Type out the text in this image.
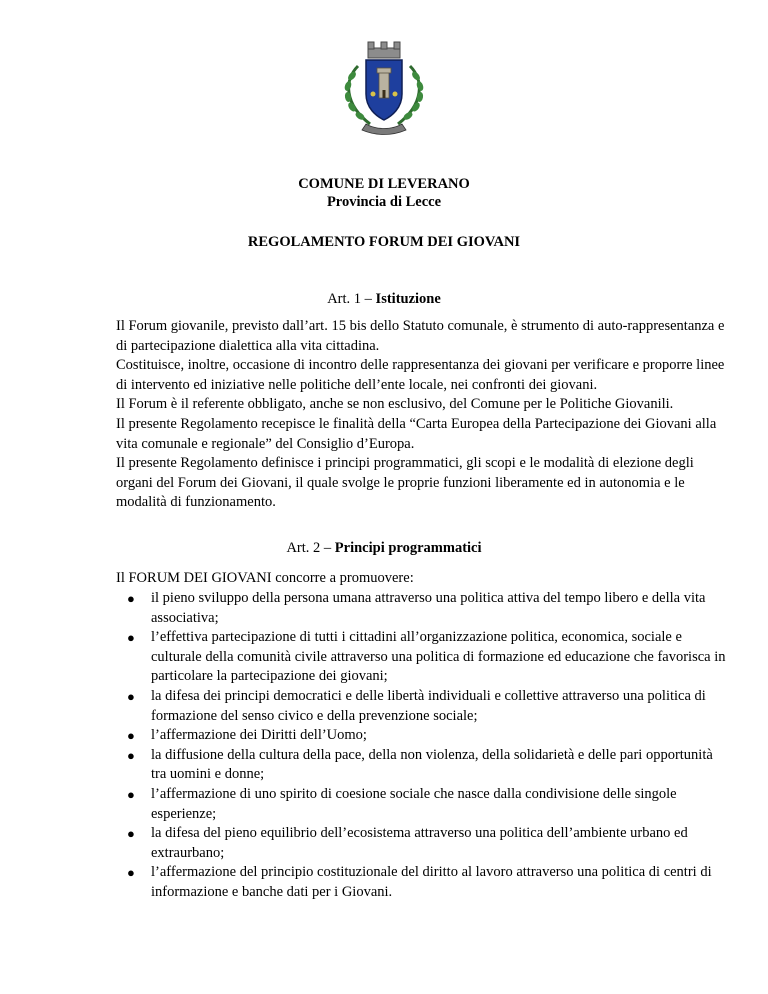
COMUNE DI LEVERANO
Provincia di Lecce
REGOLAMENTO FORUM DEI GIOVANI
Art. 1 – Istituzione

Il Forum giovanile, previsto dall’art. 15 bis dello Statuto comunale, è strumento di auto-rappresentanza e di partecipazione dialettica alla vita cittadina.

Costituisce, inoltre, occasione di incontro delle rappresentanza dei giovani per verificare e proporre linee di intervento ed iniziative nelle politiche dell’ente locale, nei confronti dei giovani.

Il Forum è il referente obbligato, anche se non esclusivo, del Comune per le Politiche Giovanili.

Il presente Regolamento recepisce le finalità della “Carta Europea della Partecipazione dei Giovani alla vita comunale e regionale” del Consiglio d’Europa.

Il presente Regolamento definisce i principi programmatici, gli scopi e le modalità di elezione degli organi del Forum dei Giovani, il quale svolge le proprie funzioni liberamente ed in autonomia e le modalità di funzionamento.

Art. 2 – Principi programmatici

Il FORUM DEI GIOVANI concorre a promuovere:

● il pieno sviluppo della persona umana attraverso una politica attiva del tempo libero e della vita associativa;
● l’effettiva partecipazione di tutti i cittadini all’organizzazione politica, economica, sociale e culturale della comunità civile attraverso una politica di formazione ed educazione che favorisca in particolare la partecipazione dei giovani;
● la difesa dei principi democratici e delle libertà individuali e collettive attraverso una politica di formazione del senso civico e della prevenzione sociale;
● l’affermazione dei Diritti dell’Uomo;
● la diffusione della cultura della pace, della non violenza, della solidarietà e delle pari opportunità tra uomini e donne;
● l’affermazione di uno spirito di coesione sociale che nasce dalla condivisione delle singole esperienze;
● la difesa del pieno equilibrio dell’ecosistema attraverso una politica dell’ambiente urbano ed extraurbano;
● l’affermazione del principio costituzionale del diritto al lavoro attraverso una politica di centri di informazione e banche dati per i Giovani.
